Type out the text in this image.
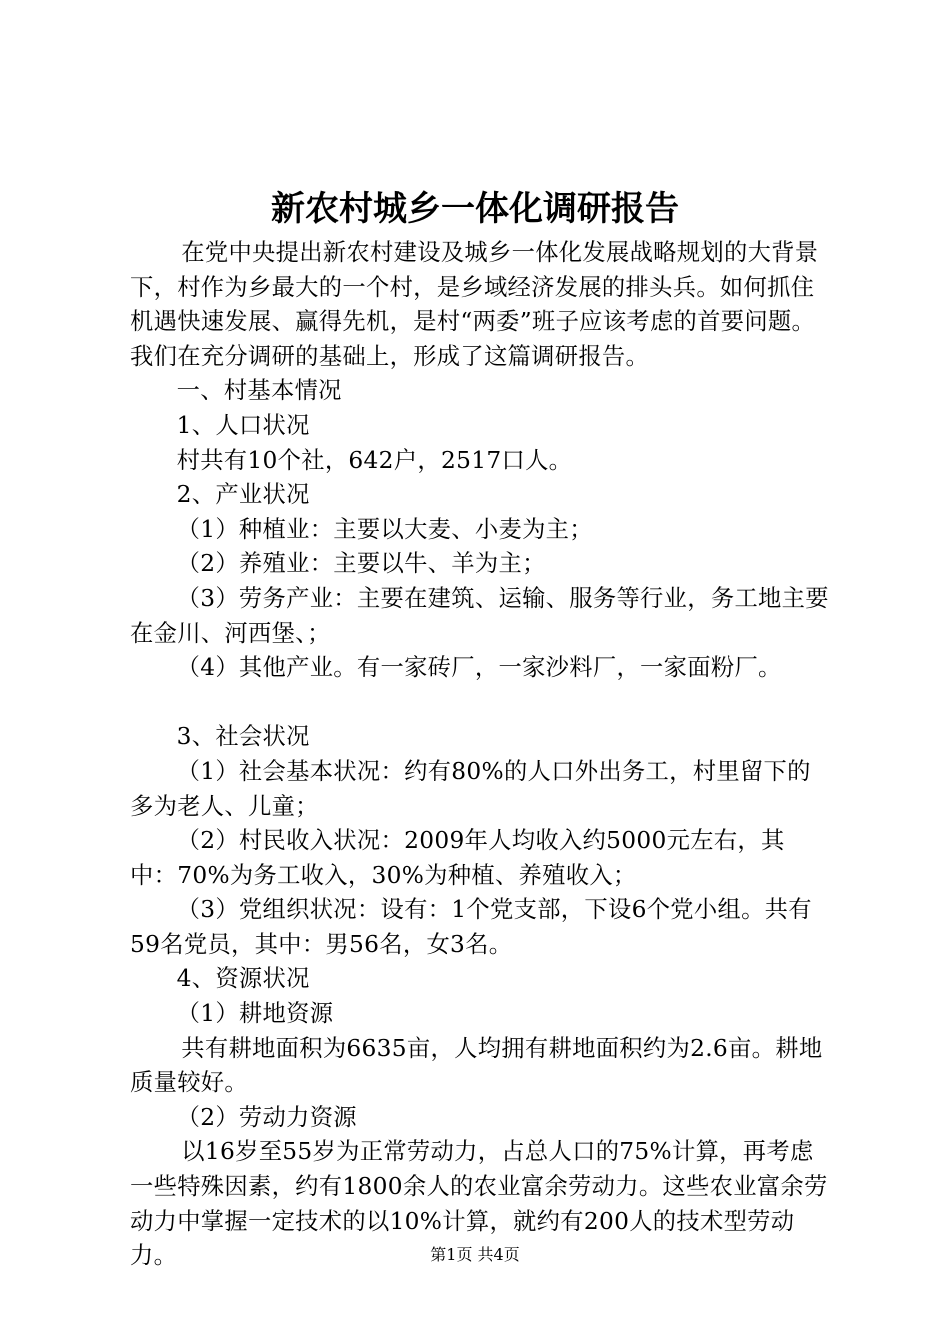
新农村城乡一体化调研报告

在党中央提出新农村建设及城乡一体化发展战略规划的大背景下，村作为乡最大的一个村，是乡域经济发展的排头兵。如何抓住机遇快速发展、赢得先机，是村“两委”班子应该考虑的首要问题。我们在充分调研的基础上，形成了这篇调研报告。

一、村基本情况

1、人口状况

村共有10个社，642户，2517口人。

2、产业状况

（1）种植业：主要以大麦、小麦为主；

（2）养殖业：主要以牛、羊为主；

（3）劳务产业：主要在建筑、运输、服务等行业，务工地主要在金川、河西堡、；

（4）其他产业。有一家砖厂，一家沙料厂，一家面粉厂。

3、社会状况

（1）社会基本状况：约有80%的人口外出务工，村里留下的多为老人、儿童；

（2）村民收入状况：2009年人均收入约5000元左右，其中：70%为务工收入，30%为种植、养殖收入；

（3）党组织状况：设有：1个党支部，下设6个党小组。共有59名党员，其中：男56名，女3名。

4、资源状况

（1）耕地资源

共有耕地面积为6635亩，人均拥有耕地面积约为2.6亩。耕地质量较好。

（2）劳动力资源

以16岁至55岁为正常劳动力，占总人口的75%计算，再考虑一些特殊因素，约有1800余人的农业富余劳动力。这些农业富余劳动力中掌握一定技术的以10%计算，就约有200人的技术型劳动力。	第1页 共4页
